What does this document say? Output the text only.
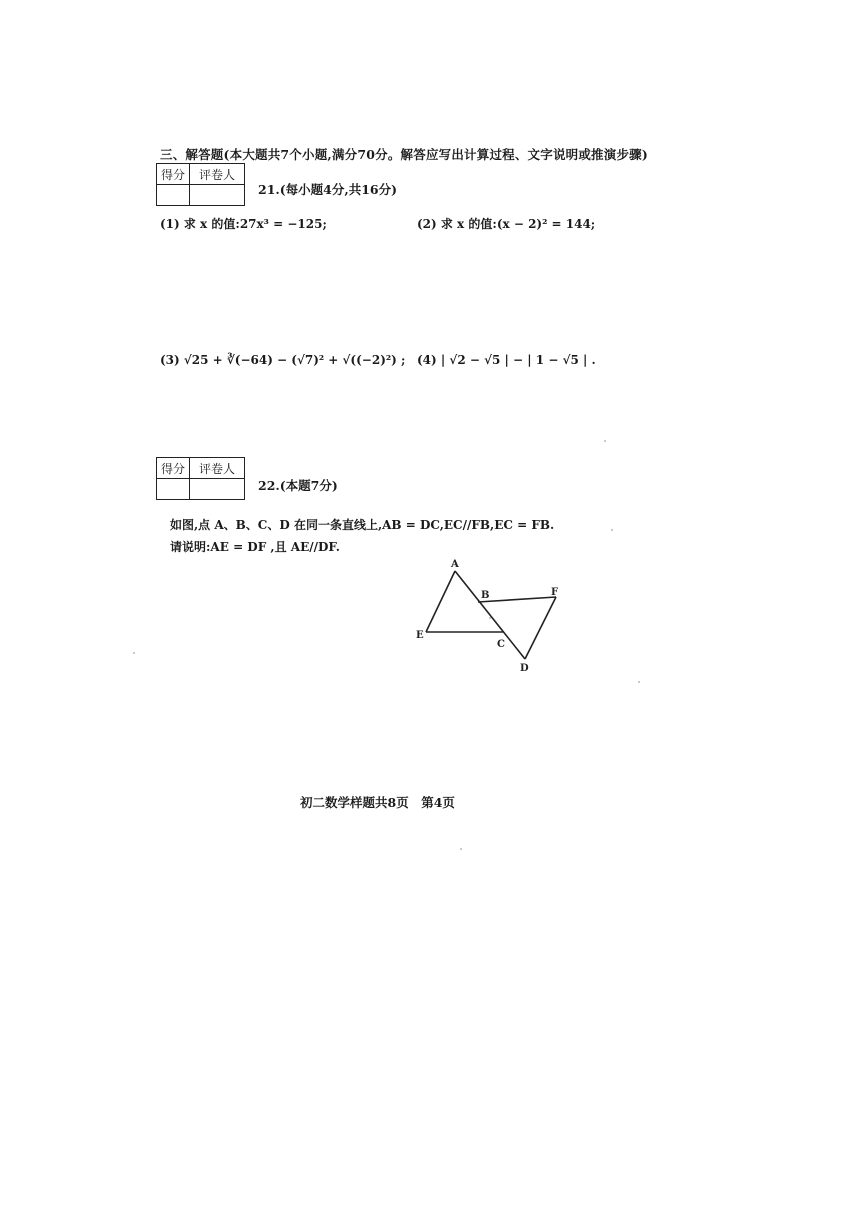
三、解答题(本大题共7个小题,满分70分。解答应写出计算过程、文字说明或推演步骤)
得分	评卷人

21.(每小题4分,共16分)
(1) 求 x 的值:27x³ = −125;	(2) 求 x 的值:(x − 2)² = 144;
(3) √25 + ∛(−64) − (√7)² + √((−2)²) ; (4) | √2 − √5 | − | 1 − √5 | .
得分	评卷人

22.(本题7分)
如图,点 A、B、C、D 在同一条直线上,AB = DC,EC//FB,EC = FB.
请说明:AE = DF ,且 AE//DF.
A
B
C
D
E
F
初二数学样题共8页　第4页
